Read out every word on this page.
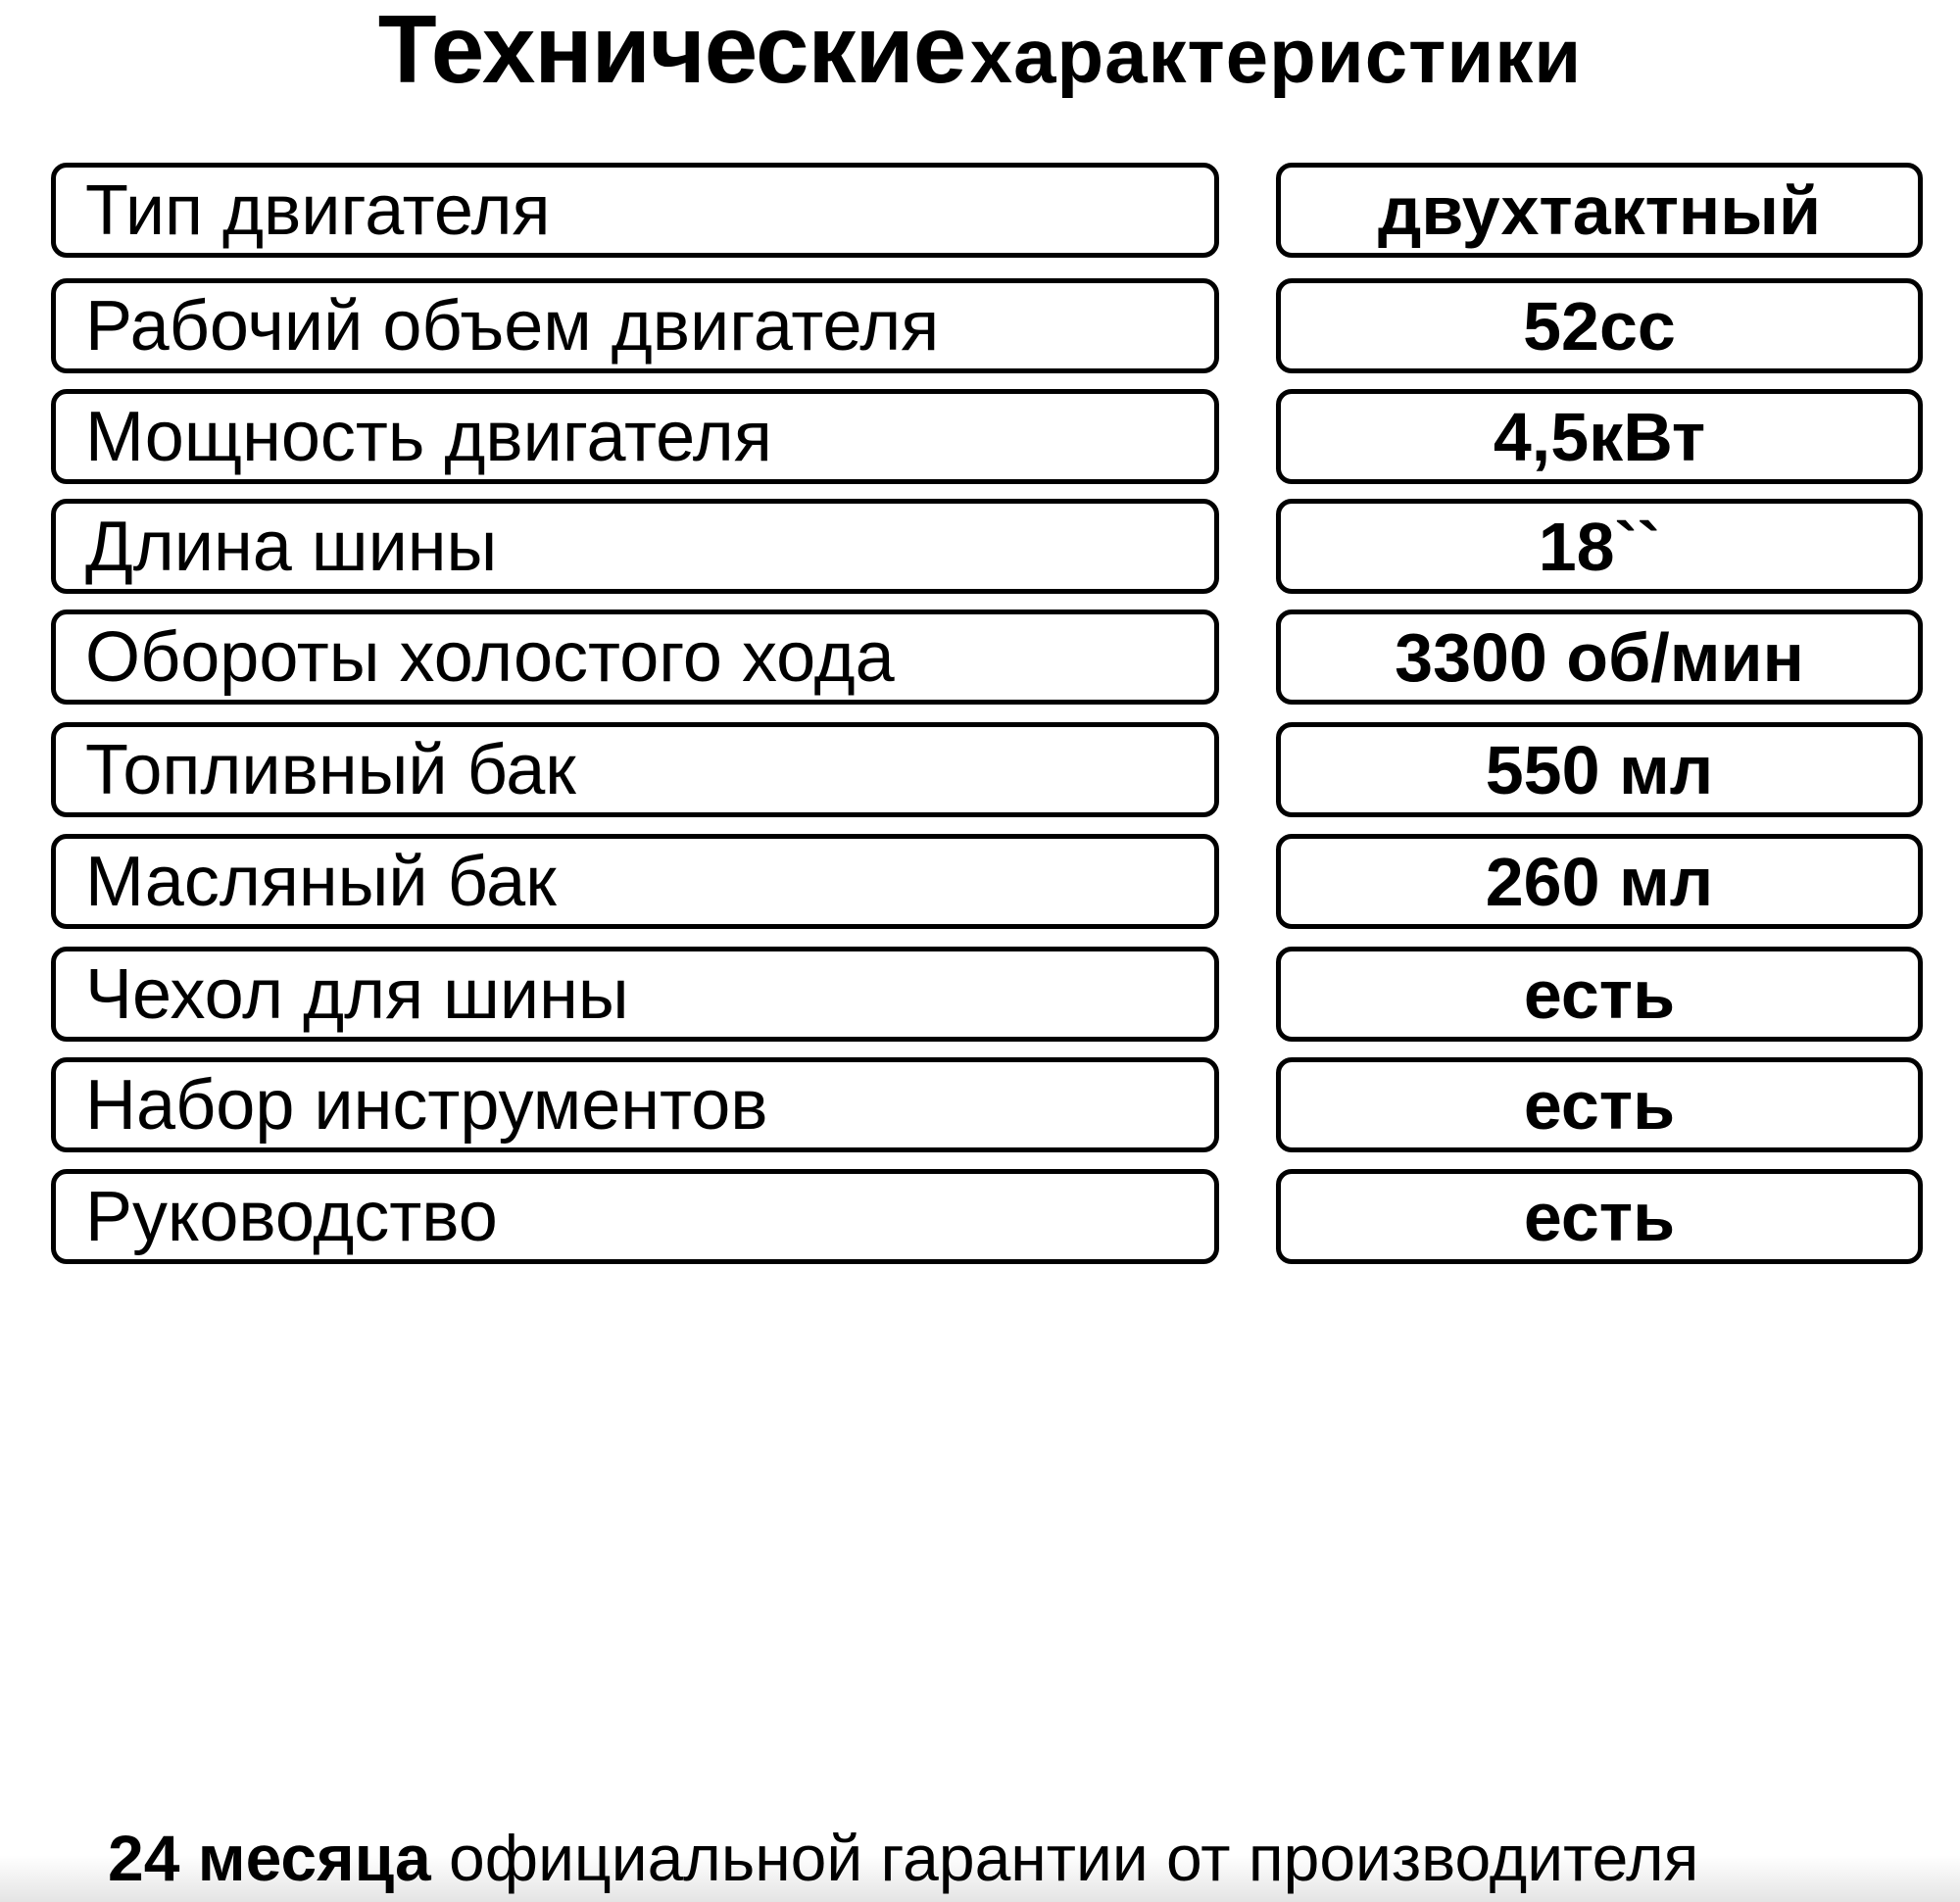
Технические характеристики
Тип двигателя	двухтактный
Рабочий объем двигателя	52cc
Мощность двигателя	4,5кВт
Длина шины	18``
Обороты холостого хода	3300 об/мин
Топливный бак	550 мл
Масляный бак	260 мл
Чехол для шины	есть
Набор инструментов	есть
Руководство	есть
24 месяца официальной гарантии от производителя
